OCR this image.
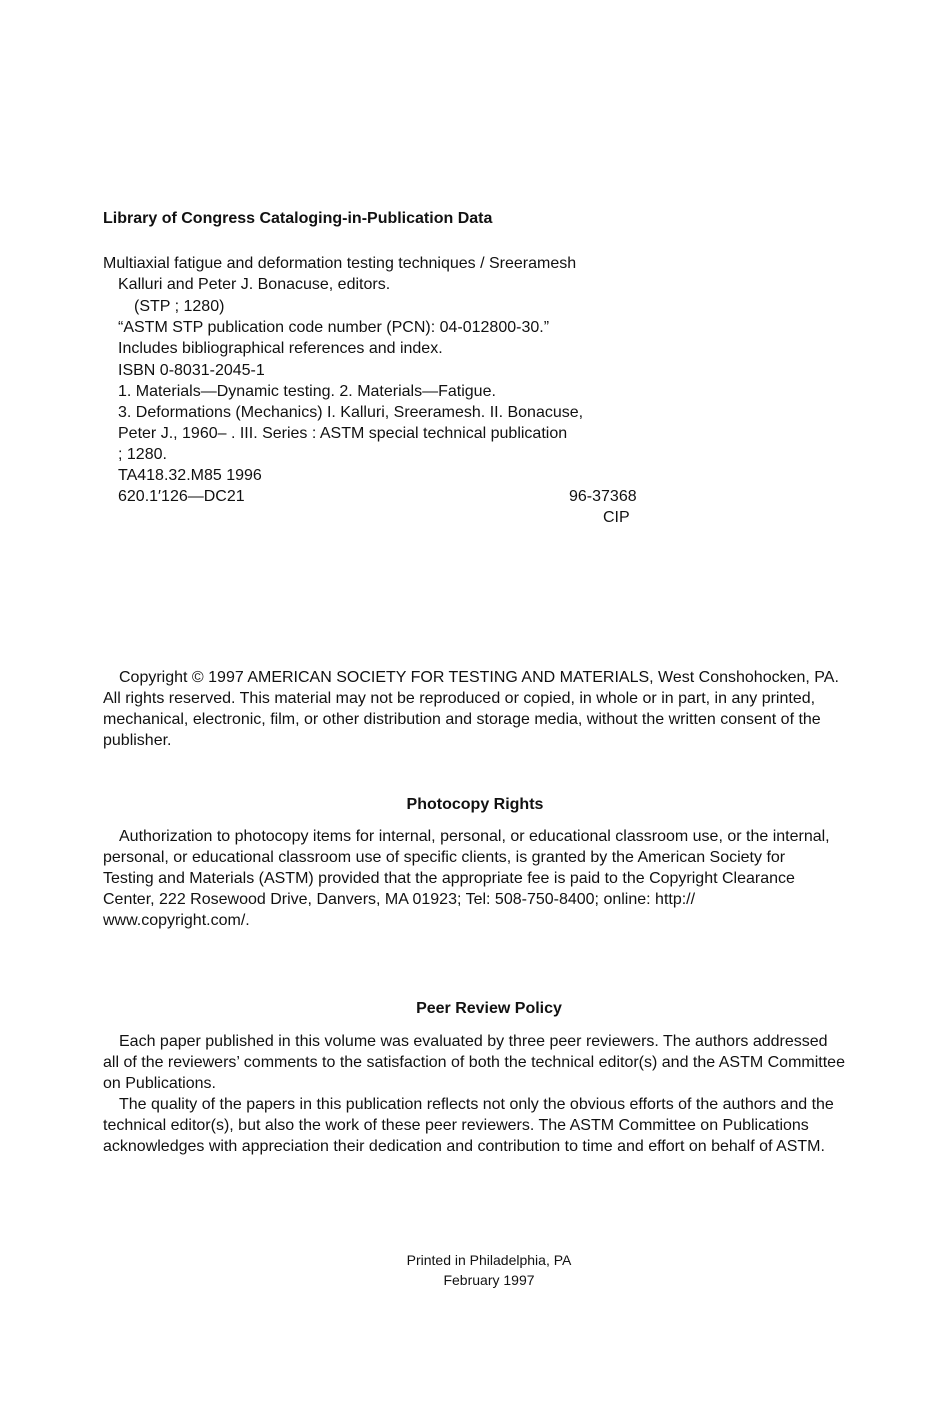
Library of Congress Cataloging-in-Publication Data
Multiaxial fatigue and deformation testing techniques / Sreeramesh
Kalluri and Peter J. Bonacuse, editors.
(STP ; 1280)
“ASTM STP publication code number (PCN): 04-012800-30.”
Includes bibliographical references and index.
ISBN 0-8031-2045-1
1. Materials—Dynamic testing. 2. Materials—Fatigue.
3. Deformations (Mechanics) I. Kalluri, Sreeramesh. II. Bonacuse,
Peter J., 1960– . III. Series : ASTM special technical publication
; 1280.
TA418.32.M85 1996
620.1′126—DC21	96-37368
CIP
Copyright © 1997 AMERICAN SOCIETY FOR TESTING AND MATERIALS, West Conshohocken, PA. All rights reserved. This material may not be reproduced or copied, in whole or in part, in any printed, mechanical, electronic, film, or other distribution and storage media, without the written consent of the publisher.
Photocopy Rights
Authorization to photocopy items for internal, personal, or educational classroom use, or the internal, personal, or educational classroom use of specific clients, is granted by the American Society for Testing and Materials (ASTM) provided that the appropriate fee is paid to the Copyright Clearance Center, 222 Rosewood Drive, Danvers, MA 01923; Tel: 508-750-8400; online: http:// www.copyright.com/.
Peer Review Policy
Each paper published in this volume was evaluated by three peer reviewers. The authors addressed all of the reviewers’ comments to the satisfaction of both the technical editor(s) and the ASTM Committee on Publications.
The quality of the papers in this publication reflects not only the obvious efforts of the authors and the technical editor(s), but also the work of these peer reviewers. The ASTM Committee on Publications acknowledges with appreciation their dedication and contribution to time and effort on behalf of ASTM.
Printed in Philadelphia, PA
February 1997
